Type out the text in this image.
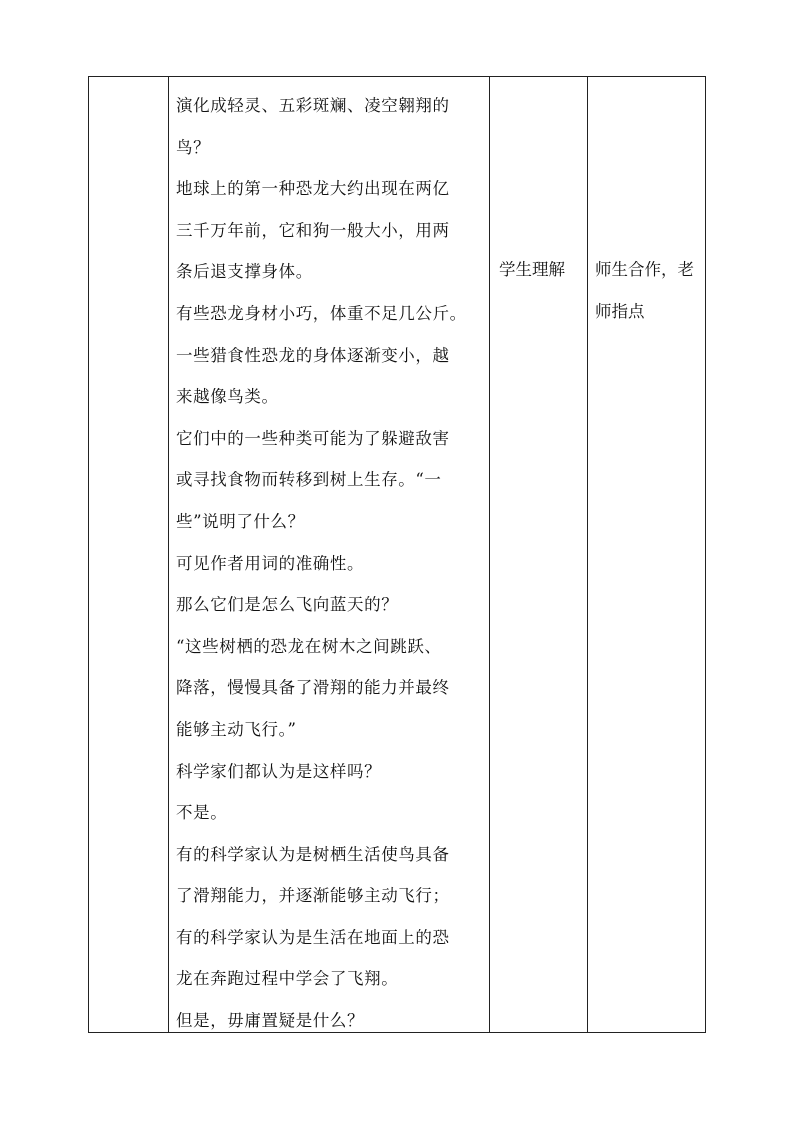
演化成轻灵、五彩斑斓、凌空翱翔的
鸟？
地球上的第一种恐龙大约出现在两亿
三千万年前，它和狗一般大小，用两
条后退支撑身体。
有些恐龙身材小巧，体重不足几公斤。
一些猎食性恐龙的身体逐渐变小，越
来越像鸟类。
它们中的一些种类可能为了躲避敌害
或寻找食物而转移到树上生存。“一
些”说明了什么？
可见作者用词的准确性。
那么它们是怎么飞向蓝天的？
“这些树栖的恐龙在树木之间跳跃、
降落，慢慢具备了滑翔的能力并最终
能够主动飞行。”
科学家们都认为是这样吗？
不是。
有的科学家认为是树栖生活使鸟具备
了滑翔能力，并逐渐能够主动飞行；
有的科学家认为是生活在地面上的恐
龙在奔跑过程中学会了飞翔。
但是，毋庸置疑是什么？
学生理解	师生合作，老
师指点
